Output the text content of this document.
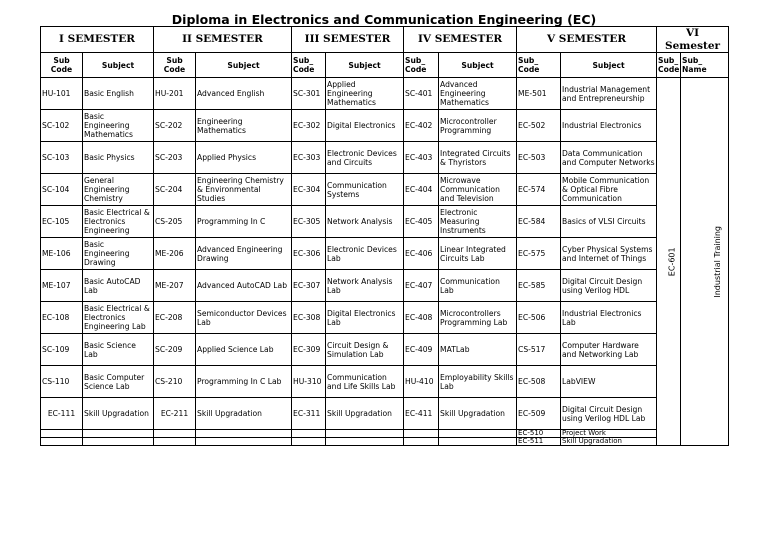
Diploma in Electronics and Communication Engineering (EC)
I SEMESTER		II SEMESTER		III SEMESTER		IV SEMESTER		V SEMESTER		VI Semester	
Sub Code	Subject	Sub Code	Subject	Sub_ Code	Subject	Sub_ Code	Subject	Sub_ Code	Subject	Sub_ Code	Sub_ Name
HU-101	Basic English	HU-201	Advanced English	SC-301	Applied Engineering Mathematics	SC-401	Advanced Engineering Mathematics	ME-501	Industrial Management and Entrepreneurship	EC-601	Industrial Training
SC-102	Basic Engineering Mathematics	SC-202	Engineering Mathematics	EC-302	Digital Electronics	EC-402	Microcontroller Programming	EC-502	Industrial Electronics		
SC-103	Basic Physics	SC-203	Applied Physics	EC-303	Electronic Devices and Circuits	EC-403	Integrated Circuits & Thyristors	EC-503	Data Communication and Computer Networks		
SC-104	General Engineering Chemistry	SC-204	Engineering Chemistry & Environmental Studies	EC-304	Communication Systems	EC-404	Microwave Communication and Television	EC-574	Mobile Communication & Optical Fibre Communication		
EC-105	Basic Electrical & Electronics Engineering	CS-205	Programming In C	EC-305	Network Analysis	EC-405	Electronic Measuring Instruments	EC-584	Basics of VLSI Circuits		
ME-106	Basic Engineering Drawing	ME-206	Advanced Engineering Drawing	EC-306	Electronic Devices Lab	EC-406	Linear Integrated Circuits Lab	EC-575	Cyber Physical Systems and Internet of Things		
ME-107	Basic AutoCAD Lab	ME-207	Advanced AutoCAD Lab	EC-307	Network Analysis Lab	EC-407	Communication Lab	EC-585	Digital Circuit Design using Verilog HDL		
EC-108	Basic Electrical & Electronics Engineering Lab	EC-208	Semiconductor Devices Lab	EC-308	Digital Electronics Lab	EC-408	Microcontrollers Programming Lab	EC-506	Industrial Electronics Lab		
SC-109	Basic Science Lab	SC-209	Applied Science Lab	EC-309	Circuit Design & Simulation Lab	EC-409	MATLab	CS-517	Computer Hardware and Networking Lab		
CS-110	Basic Computer Science Lab	CS-210	Programming In C Lab	HU-310	Communication and Life Skills Lab	HU-410	Employability Skills Lab	EC-508	LabVIEW		
EC-111	Skill Upgradation	EC-211	Skill Upgradation	EC-311	Skill Upgradation	EC-411	Skill Upgradation	EC-509	Digital Circuit Design using Verilog HDL Lab		
								EC-510	Project Work		
								EC-511	Skill Upgradation		
